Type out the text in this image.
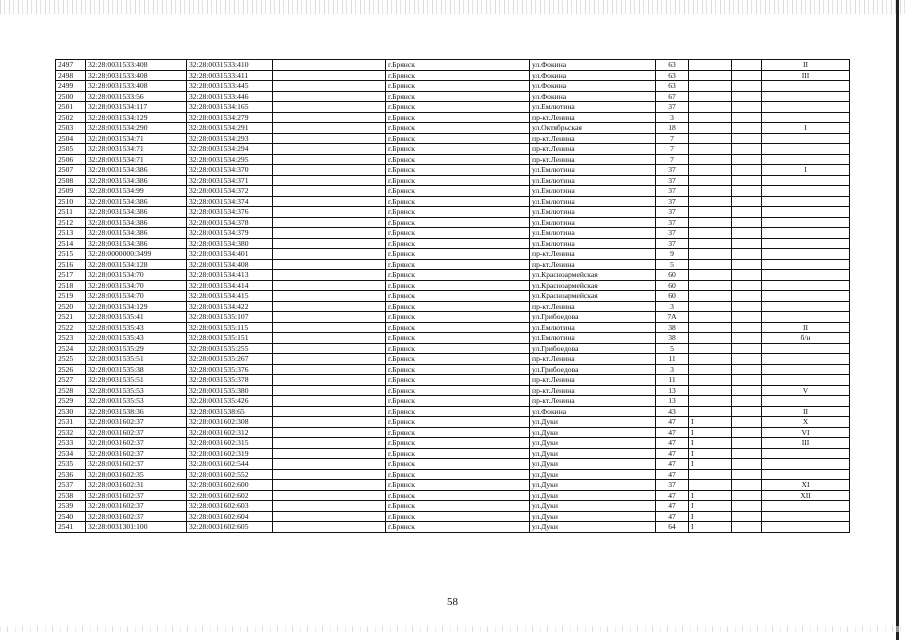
2497	32:28:0031533:408	32:28:0031533:410		г.Брянск	ул.Фокина	63			II
2498	32:28:0031533:408	32:28:0031533:411		г.Брянск	ул.Фокина	63			III
2499	32:28:0031533:408	32:28:0031533:445		г.Брянск	ул.Фокина	63			
2500	32:28:0031533:56	32:28:0031533:446		г.Брянск	ул.Фокина	67			
2501	32:28:0031534:117	32:28:0031534:165		г.Брянск	ул.Емлютина	37			
2502	32:28:0031534:129	32:28:0031534:279		г.Брянск	пр-кт.Ленина	3			
2503	32:28:0031534:290	32:28:0031534:291		г.Брянск	ул.Октябрьская	18			I
2504	32:28:0031534:71	32:28:0031534:293		г.Брянск	пр-кт.Ленина	7			
2505	32:28:0031534:71	32:28:0031534:294		г.Брянск	пр-кт.Ленина	7			
2506	32:28:0031534:71	32:28:0031534:295		г.Брянск	пр-кт.Ленина	7			
2507	32:28:0031534:386	32:28:0031534:370		г.Брянск	ул.Емлютина	37			I
2508	32:28:0031534:386	32:28:0031534:371		г.Брянск	ул.Емлютина	37			
2509	32:28:0031534:99	32:28:0031534:372		г.Брянск	ул.Емлютина	37			
2510	32:28:0031534:386	32:28:0031534:374		г.Брянск	ул.Емлютина	37			
2511	32:28:0031534:386	32:28:0031534:376		г.Брянск	ул.Емлютина	37			
2512	32:28:0031534:386	32:28:0031534:378		г.Брянск	ул.Емлютина	37			
2513	32:28:0031534:386	32:28:0031534:379		г.Брянск	ул.Емлютина	37			
2514	32:28:0031534:386	32:28:0031534:380		г.Брянск	ул.Емлютина	37			
2515	32:28:0000000:3499	32:28:0031534:401		г.Брянск	пр-кт.Ленина	9			
2516	32:28:0031534:128	32:28:0031534:408		г.Брянск	пр-кт.Ленина	5			
2517	32:28:0031534:70	32:28:0031534:413		г.Брянск	ул.Красноармейская	60			
2518	32:28:0031534:70	32:28:0031534:414		г.Брянск	ул.Красноармейская	60			
2519	32:28:0031534:70	32:28:0031534:415		г.Брянск	ул.Красноармейская	60			
2520	32:28:0031534:129	32:28:0031534:422		г.Брянск	пр-кт.Ленина	3			
2521	32:28:0031535:41	32:28:0031535:107		г.Брянск	ул.Грибоедова	7А			
2522	32:28:0031535:43	32:28:0031535:115		г.Брянск	ул.Емлютина	38			II
2523	32:28:0031535:43	32:28:0031535:151		г.Брянск	ул.Емлютина	38			б/н
2524	32:28:0031535:29	32:28:0031535:255		г.Брянск	ул.Грибоедова	5			
2525	32:28:0031535:51	32:28:0031535:267		г.Брянск	пр-кт.Ленина	11			
2526	32:28:0031535:38	32:28:0031535:376		г.Брянск	ул.Грибоедова	3			
2527	32:28:0031535:51	32:28:0031535:378		г.Брянск	пр-кт.Ленина	11			
2528	32:28:0031535:53	32:28:0031535:380		г.Брянск	пр-кт.Ленина	13			V
2529	32:28:0031535:53	32:28:0031535:426		г.Брянск	пр-кт.Ленина	13			
2530	32:28:0031538:36	32:28:0031538:65		г.Брянск	ул.Фокина	43			II
2531	32:28:0031602:37	32:28:0031602:308		г.Брянск	ул.Дуки	47	I		X
2532	32:28:0031602:37	32:28:0031602:312		г.Брянск	ул.Дуки	47	I		VI
2533	32:28:0031602:37	32:28:0031602:315		г.Брянск	ул.Дуки	47	I		III
2534	32:28:0031602:37	32:28:0031602:319		г.Брянск	ул.Дуки	47	I		
2535	32:28:0031602:37	32:28:0031602:544		г.Брянск	ул.Дуки	47	I		
2536	32:28:0031602:35	32:28:0031602:552		г.Брянск	ул.Дуки	47			
2537	32:28:0031602:31	32:28:0031602:600		г.Брянск	ул.Дуки	37			XI
2538	32:28:0031602:37	32:28:0031602:602		г.Брянск	ул.Дуки	47	I		XII
2539	32:28:0031602:37	32:28:0031602:603		г.Брянск	ул.Дуки	47	I		
2540	32:28:0031602:37	32:28:0031602:604		г.Брянск	ул.Дуки	47	I		
2541	32:28:0031301:100	32:28:0031602:605		г.Брянск	ул.Дуки	64	I		
58
